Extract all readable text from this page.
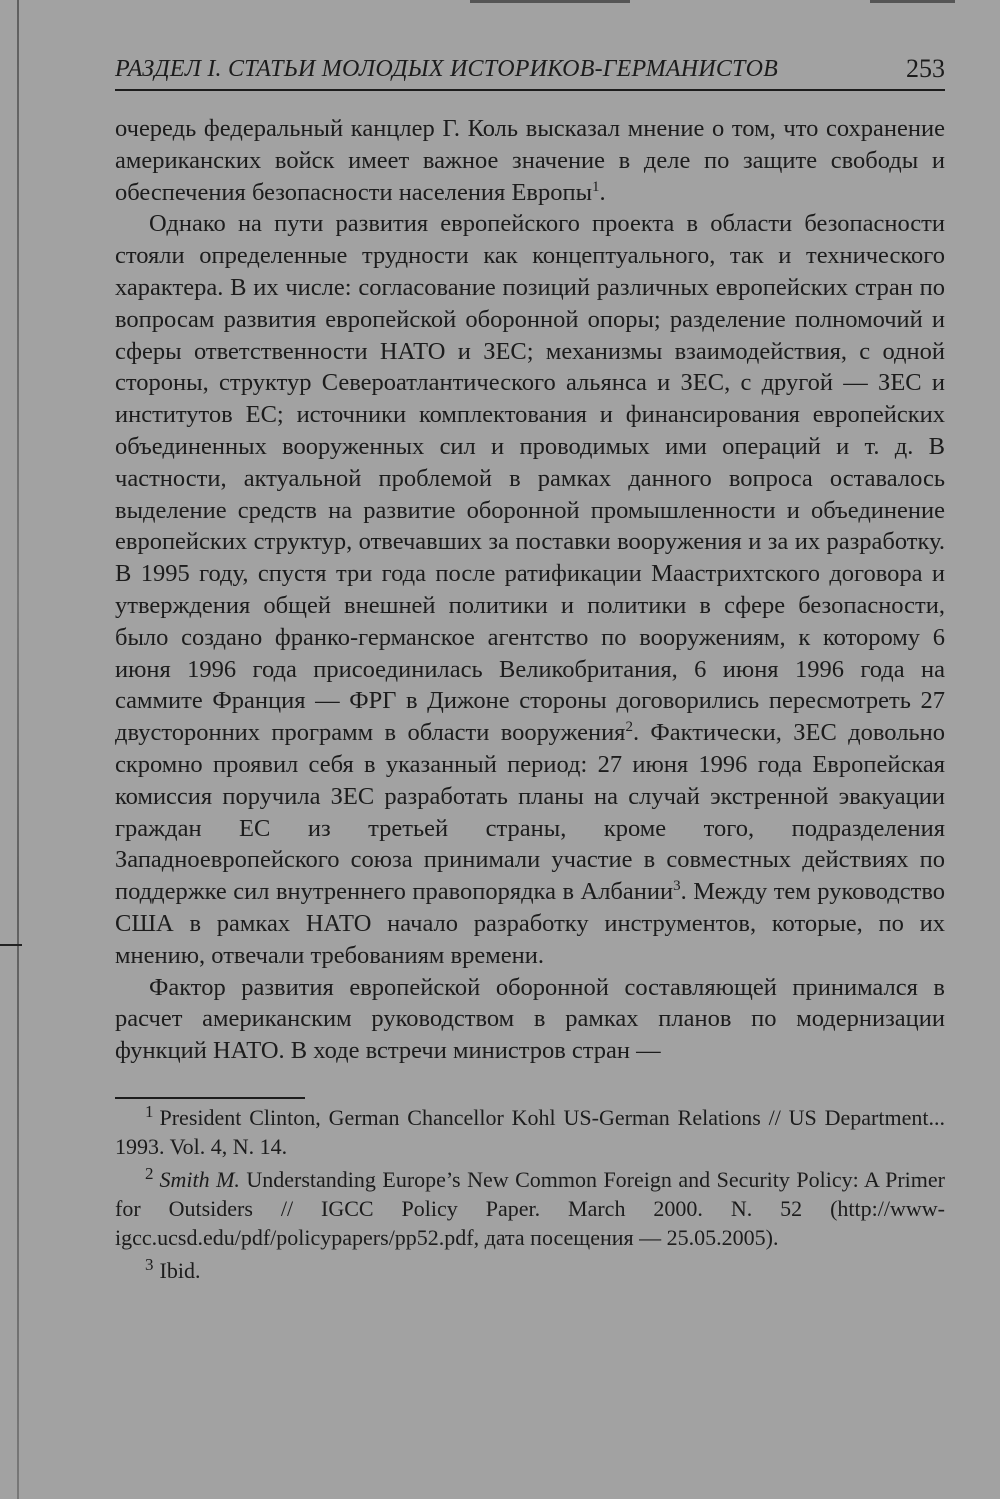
РАЗДЕЛ I. СТАТЬИ МОЛОДЫХ ИСТОРИКОВ-ГЕРМАНИСТОВ	253

очередь федеральный канцлер Г. Коль высказал мнение о том, что сохранение американских войск имеет важное значение в деле по защите свободы и обеспечения безопасности населения Европы$^1$.

Однако на пути развития европейского проекта в области безопасности стояли определенные трудности как концептуального, так и технического характера. В их числе: согласование позиций различных европейских стран по вопросам развития европейской оборонной опоры; разделение полномочий и сферы ответственности НАТО и ЗЕС; механизмы взаимодействия, с одной стороны, структур Североатлантического альянса и ЗЕС, с другой — ЗЕС и институтов ЕС; источники комплектования и финансирования европейских объединенных вооруженных сил и проводимых ими операций и т. д. В частности, актуальной проблемой в рамках данного вопроса оставалось выделение средств на развитие оборонной промышленности и объединение европейских структур, отвечавших за поставки вооружения и за их разработку. В 1995 году, спустя три года после ратификации Маастрихтского договора и утверждения общей внешней политики и политики в сфере безопасности, было создано франко-германское агентство по вооружениям, к которому 6 июня 1996 года присоединилась Великобритания, 6 июня 1996 года на саммите Франция — ФРГ в Дижоне стороны договорились пересмотреть 27 двусторонних программ в области вооружения$^2$. Фактически, ЗЕС довольно скромно проявил себя в указанный период: 27 июня 1996 года Европейская комиссия поручила ЗЕС разработать планы на случай экстренной эвакуации граждан ЕС из третьей страны, кроме того, подразделения Западноевропейского союза принимали участие в совместных действиях по поддержке сил внутреннего правопорядка в Албании$^3$. Между тем руководство США в рамках НАТО начало разработку инструментов, которые, по их мнению, отвечали требованиям времени.

Фактор развития европейской оборонной составляющей принимался в расчет американским руководством в рамках планов по модернизации функций НАТО. В ходе встречи министров стран —

$^1$ President Clinton, German Chancellor Kohl US-German Relations // US Department... 1993. Vol. 4, N. 14.

$^2$ Smith M. Understanding Europe’s New Common Foreign and Security Policy: A Primer for Outsiders // IGCC Policy Paper. March 2000. N. 52 (http://www-igcc.ucsd.edu/pdf/policypapers/pp52.pdf, дата посещения — 25.05.2005).

$^3$ Ibid.
